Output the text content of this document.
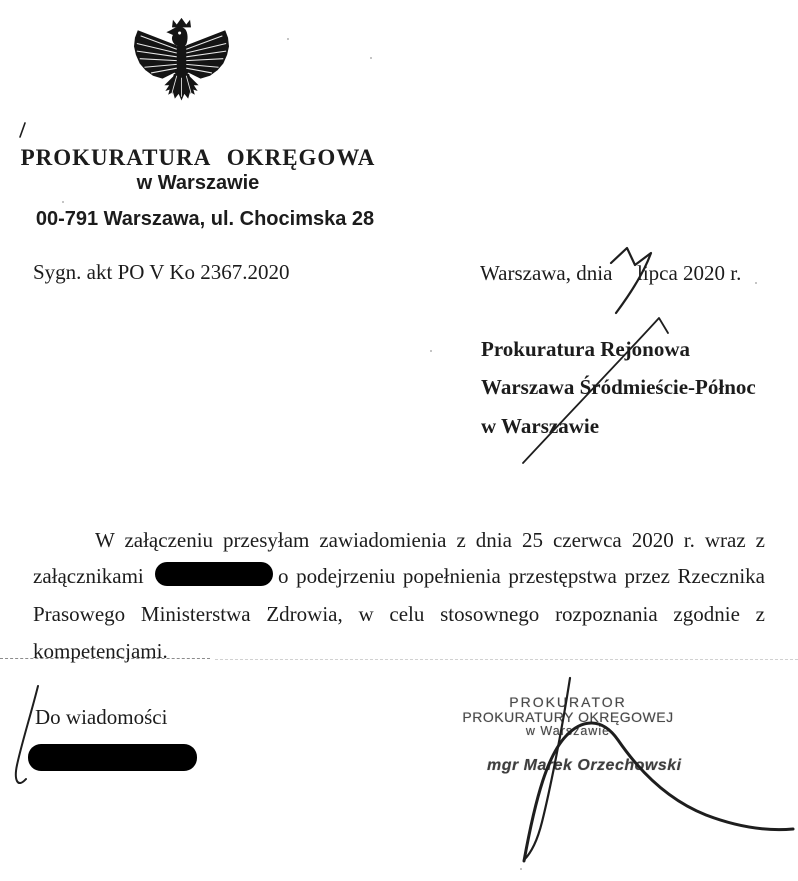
PROKURATURA OKRĘGOWA
w Warszawie
00-791 Warszawa, ul. Chocimska 28
Sygn. akt PO V Ko 2367.2020	Warszawa, dnia lipca 2020 r.
Prokuratura Rejonowa
Warszawa Śródmieście-Północ
w Warszawie
W załączeniu przesyłam zawiadomienia z dnia 25 czerwca 2020 r. wraz z
załącznikami	o podejrzeniu popełnienia przestępstwa przez Rzecznika
Prasowego Ministerstwa Zdrowia, w celu stosownego rozpoznania zgodnie z
kompetencjami.
Do wiadomości
PROKURATOR
PROKURATURY OKRĘGOWEJ
w Warszawie
mgr Marek Orzechowski
